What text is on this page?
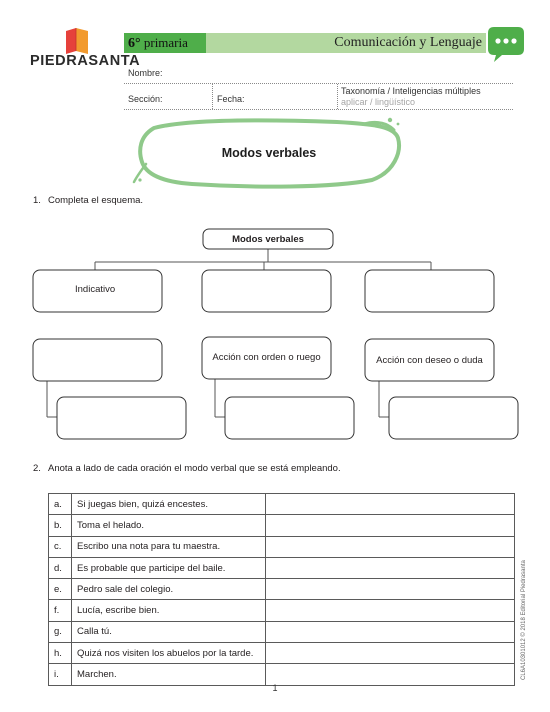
PIEDRASANTA
6° primaria	Comunicación y Lenguaje
Nombre:
Sección:	Fecha:
Taxonomía / Inteligencias múltiples
aplicar / lingüístico
Modos verbales
1. Completa el esquema.
Modos verbales
Indicativo
Acción con orden o ruego	Acción con deseo o duda
2. Anota a lado de cada oración el modo verbal que se está empleando.
a.	Si juegas bien, quizá encestes.	
b.	Toma el helado.	
c.	Escribo una nota para tu maestra.	
d.	Es probable que participe del baile.	
e.	Pedro sale del colegio.	
f.	Lucía, escribe bien.	
g.	Calla tú.	
h.	Quizá nos visiten los abuelos por la tarde.	
i.	Marchen.		CL6A10301012 © 2018 Editorial Piedrasanta
1
